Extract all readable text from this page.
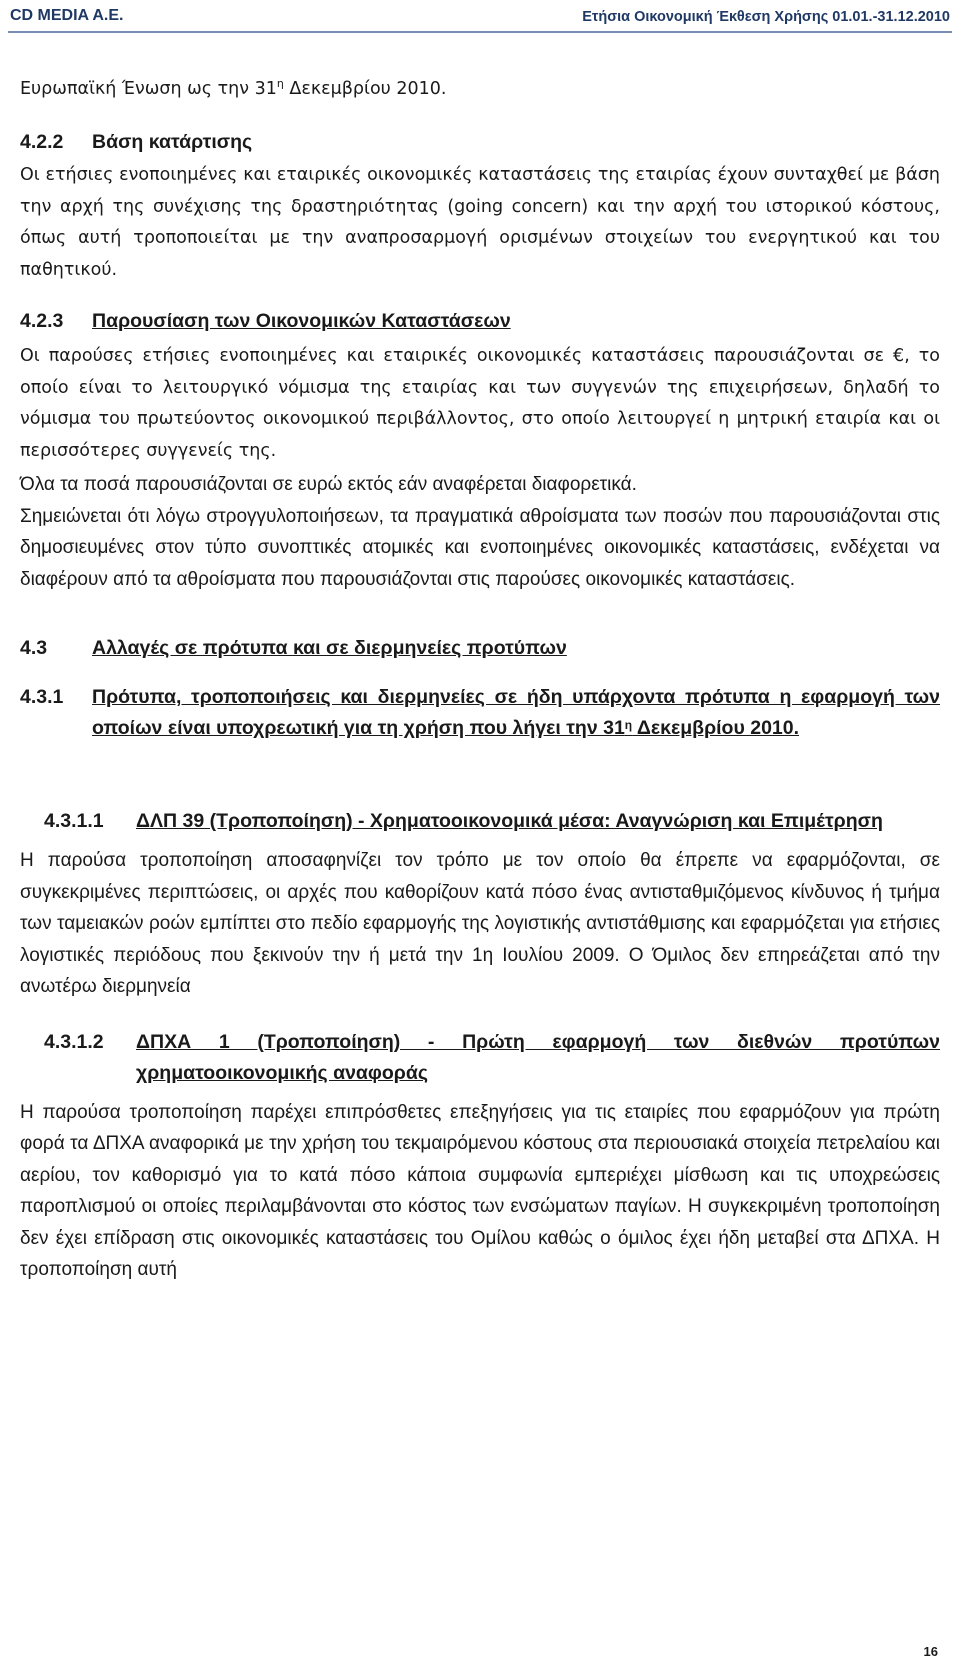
CD MEDIA A.E.	Ετήσια Οικονομική Έκθεση Χρήσης 01.01.-31.12.2010

Ευρωπαϊκή Ένωση ως την $31^\eta$ Δεκεμβρίου 2010.

4.2.2	Βάση κατάρτισης

Οι ετήσιες ενοποιημένες και εταιρικές οικονομικές καταστάσεις της εταιρίας έχουν συνταχθεί με βάση την αρχή της συνέχισης της δραστηριότητας (going concern) και την αρχή του ιστορικού κόστους, όπως αυτή τροποποιείται με την αναπροσαρμογή ορισμένων στοιχείων του ενεργητικού και του παθητικού.

4.2.3	Παρουσίαση των Οικονομικών Καταστάσεων

Οι παρούσες ετήσιες ενοποιημένες και εταιρικές οικονομικές καταστάσεις παρουσιάζονται σε €, το οποίο είναι το λειτουργικό νόμισμα της εταιρίας και των συγγενών της επιχειρήσεων, δηλαδή το νόμισμα του πρωτεύοντος οικονομικού περιβάλλοντος, στο οποίο λειτουργεί η μητρική εταιρία και οι περισσότερες συγγενείς της.

Όλα τα ποσά παρουσιάζονται σε ευρώ εκτός εάν αναφέρεται διαφορετικά.

Σημειώνεται ότι λόγω στρογγυλοποιήσεων, τα πραγματικά αθροίσματα των ποσών που παρουσιάζονται στις δημοσιευμένες στον τύπο συνοπτικές ατομικές και ενοποιημένες οικονομικές καταστάσεις, ενδέχεται να διαφέρουν από τα αθροίσματα που παρουσιάζονται στις παρούσες οικονομικές καταστάσεις.

4.3	Αλλαγές σε πρότυπα και σε διερμηνείες προτύπων
4.3.1	Πρότυπα, τροποποιήσεις και διερμηνείες σε ήδη υπάρχοντα πρότυπα η εφαρμογή των οποίων είναι υποχρεωτική για τη χρήση που λήγει την $31^\eta$ Δεκεμβρίου 2010.
4.3.1.1	ΔΛΠ 39 (Τροποποίηση) - Χρηματοοικονομικά μέσα: Αναγνώριση και Επιμέτρηση

Η παρούσα τροποποίηση αποσαφηνίζει τον τρόπο με τον οποίο θα έπρεπε να εφαρμόζονται, σε συγκεκριμένες περιπτώσεις, οι αρχές που καθορίζουν κατά πόσο ένας αντισταθμιζόμενος κίνδυνος ή τμήμα των ταμειακών ροών εμπίπτει στο πεδίο εφαρμογής της λογιστικής αντιστάθμισης και εφαρμόζεται για ετήσιες λογιστικές περιόδους που ξεκινούν την ή μετά την 1η Ιουλίου 2009. Ο Όμιλος δεν επηρεάζεται από την ανωτέρω διερμηνεία

4.3.1.2	ΔΠΧΑ 1 (Τροποποίηση) - Πρώτη εφαρμογή των διεθνών προτύπων χρηματοοικονομικής αναφοράς

Η παρούσα τροποποίηση παρέχει επιπρόσθετες επεξηγήσεις για τις εταιρίες που εφαρμόζουν για πρώτη φορά τα ΔΠΧΑ αναφορικά με την χρήση του τεκμαιρόμενου κόστους στα περιουσιακά στοιχεία πετρελαίου και αερίου, τον καθορισμό για το κατά πόσο κάποια συμφωνία εμπεριέχει μίσθωση και τις υποχρεώσεις παροπλισμού οι οποίες περιλαμβάνονται στο κόστος των ενσώματων παγίων. Η συγκεκριμένη τροποποίηση δεν έχει επίδραση στις οικονομικές καταστάσεις του Ομίλου καθώς ο όμιλος έχει ήδη μεταβεί στα ΔΠΧΑ. Η τροποποίηση αυτή

16
